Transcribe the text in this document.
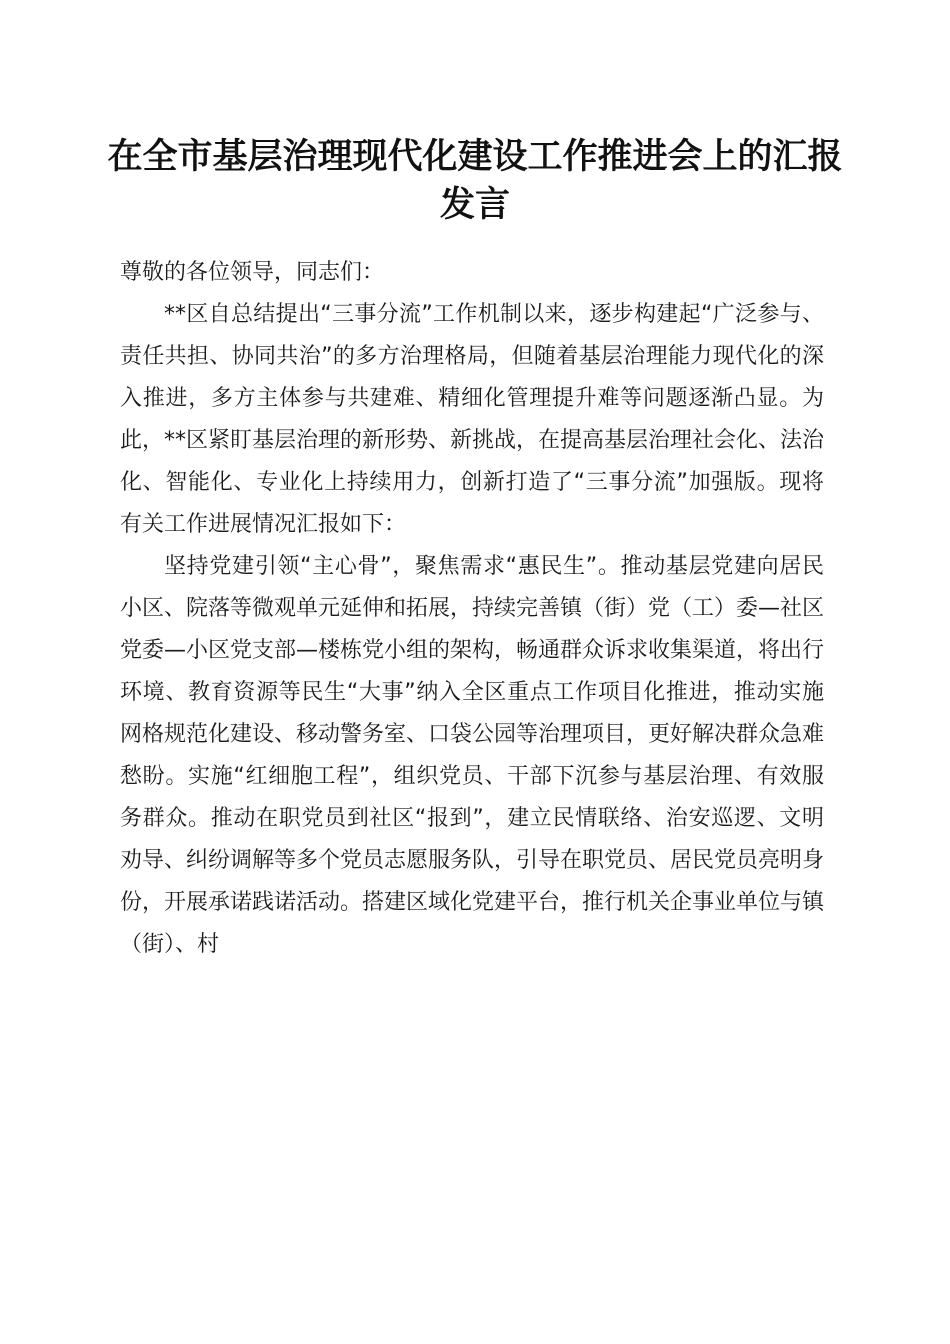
在全市基层治理现代化建设工作推进会上的汇报发言

尊敬的各位领导，同志们：

**区自总结提出“三事分流”工作机制以来，逐步构建起“广泛参与、责任共担、协同共治”的多方治理格局，但随着基层治理能力现代化的深入推进，多方主体参与共建难、精细化管理提升难等问题逐渐凸显。为此，**区紧盯基层治理的新形势、新挑战，在提高基层治理社会化、法治化、智能化、专业化上持续用力，创新打造了“三事分流”加强版。现将有关工作进展情况汇报如下：

坚持党建引领“主心骨”，聚焦需求“惠民生”。推动基层党建向居民小区、院落等微观单元延伸和拓展，持续完善镇（街）党（工）委—社区党委—小区党支部—楼栋党小组的架构，畅通群众诉求收集渠道，将出行环境、教育资源等民生“大事”纳入全区重点工作项目化推进，推动实施网格规范化建设、移动警务室、口袋公园等治理项目，更好解决群众急难愁盼。实施“红细胞工程”，组织党员、干部下沉参与基层治理、有效服务群众。推动在职党员到社区“报到”，建立民情联络、治安巡逻、文明劝导、纠纷调解等多个党员志愿服务队，引导在职党员、居民党员亮明身份，开展承诺践诺活动。搭建区域化党建平台，推行机关企事业单位与镇（街）、村
